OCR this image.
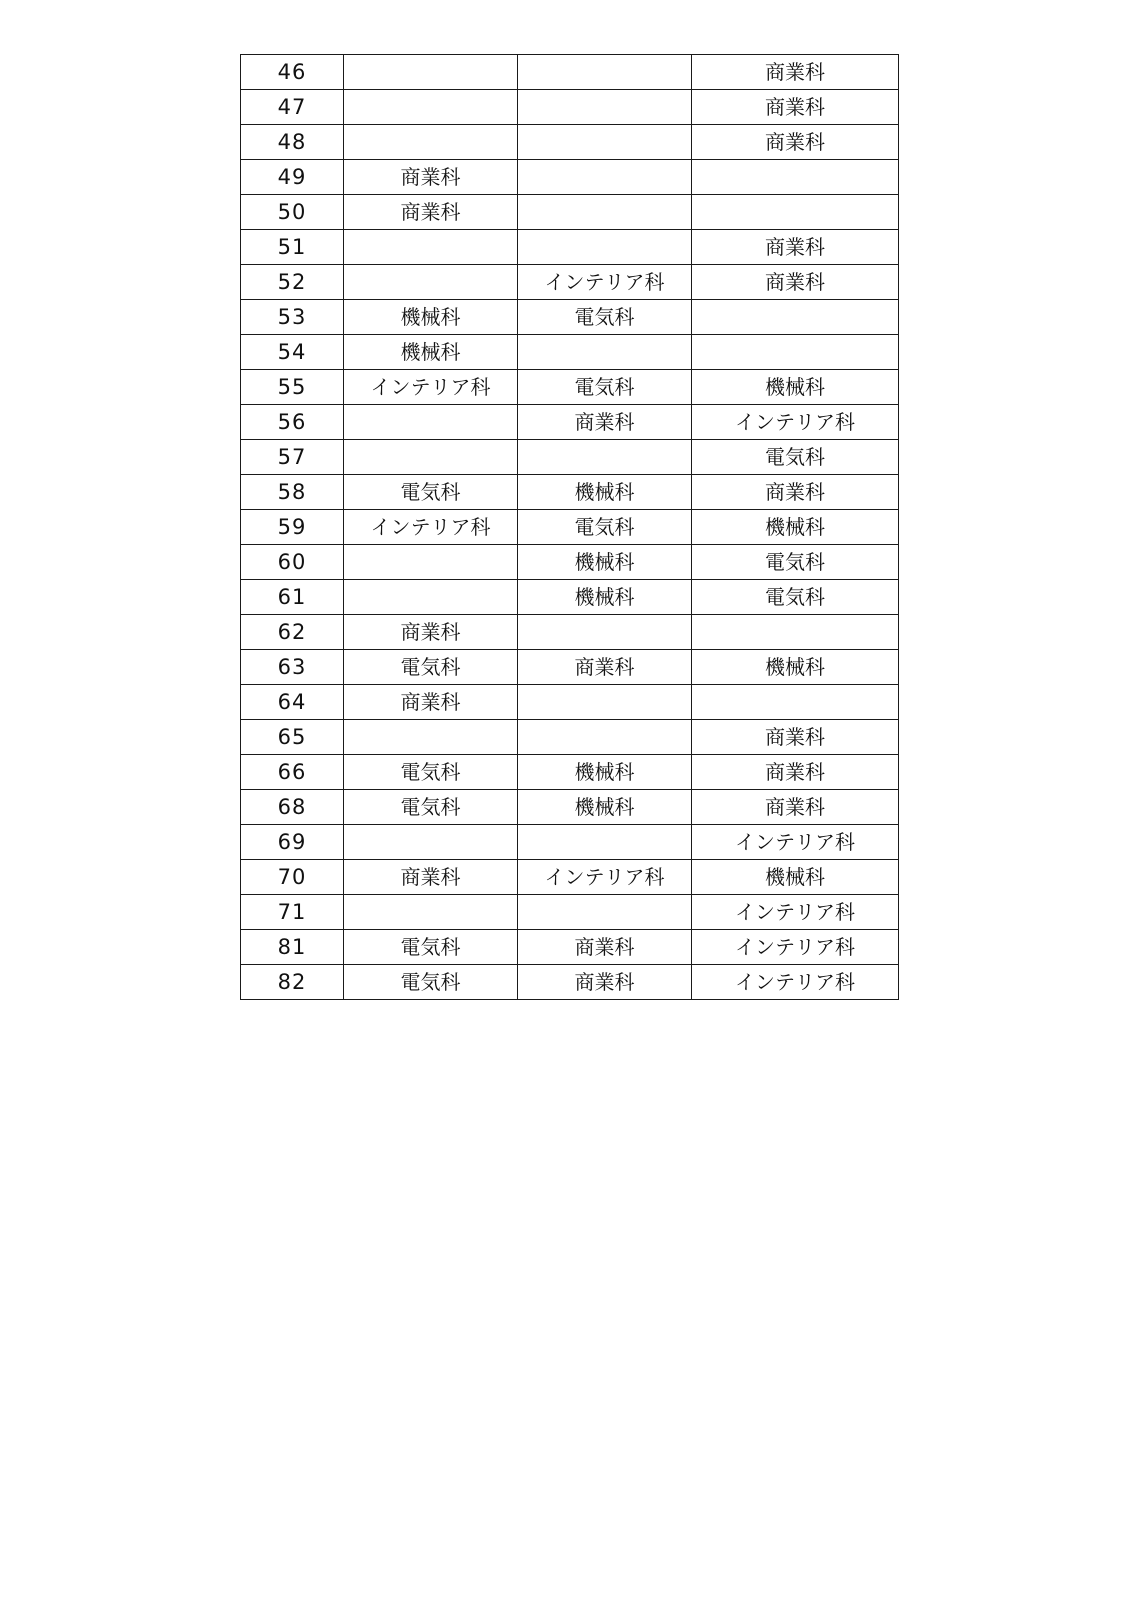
46			商業科
47			商業科
48			商業科
49	商業科		
50	商業科		
51			商業科
52		インテリア科	商業科
53	機械科	電気科	
54	機械科		
55	インテリア科	電気科	機械科
56		商業科	インテリア科
57			電気科
58	電気科	機械科	商業科
59	インテリア科	電気科	機械科
60		機械科	電気科
61		機械科	電気科
62	商業科		
63	電気科	商業科	機械科
64	商業科		
65			商業科
66	電気科	機械科	商業科
68	電気科	機械科	商業科
69			インテリア科
70	商業科	インテリア科	機械科
71			インテリア科
81	電気科	商業科	インテリア科
82	電気科	商業科	インテリア科
